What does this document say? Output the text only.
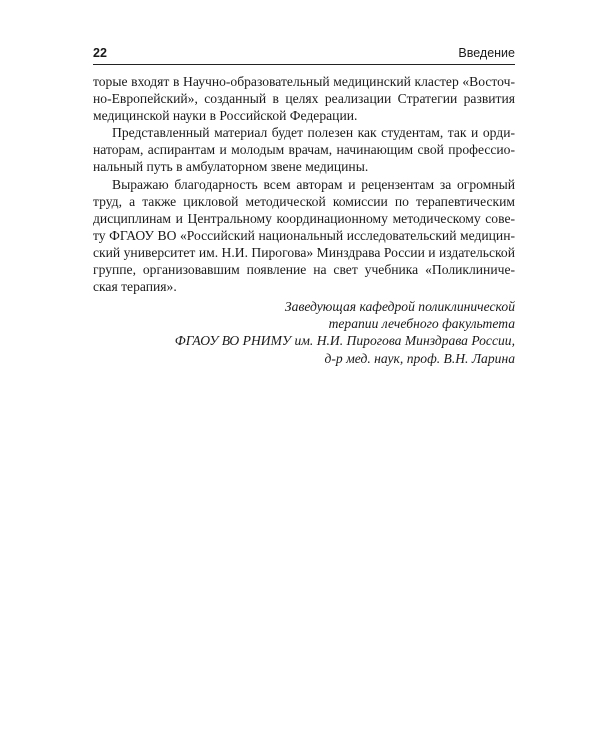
22	Введение

торые входят в Научно-образовательный медицинский кластер «Восточ-
но-Европейский», созданный в целях реализации Стратегии развития
медицинской науки в Российской Федерации.

Представленный материал будет полезен как студентам, так и орди-
наторам, аспирантам и молодым врачам, начинающим свой профессио-
нальный путь в амбулаторном звене медицины.

Выражаю благодарность всем авторам и рецензентам за огромный
труд, а также цикловой методической комиссии по терапевтическим
дисциплинам и Центральному координационному методическому сове-
ту ФГАОУ ВО «Российский национальный исследовательский медицин-
ский университет им. Н.И. Пирогова» Минздрава России и издательской
группе, организовавшим появление на свет учебника «Поликлиниче-
ская терапия».

Заведующая кафедрой поликлинической
терапии лечебного факультета
ФГАОУ ВО РНИМУ им. Н.И. Пирогова Минздрава России,
д-р мед. наук, проф. В.Н. Ларина
